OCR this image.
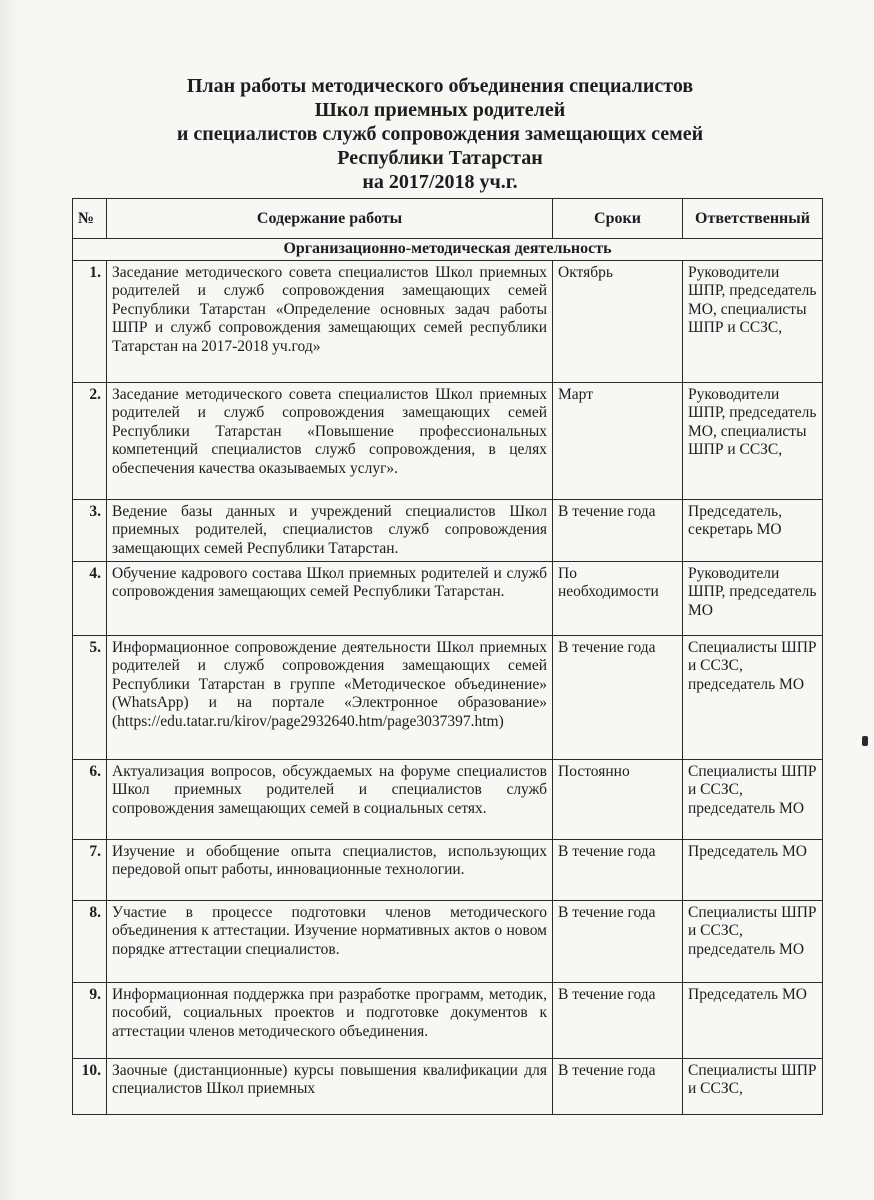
План работы методического объединения специалистов
Школ приемных родителей
и специалистов служб сопровождения замещающих семей
Республики Татарстан
на 2017/2018 уч.г.
№	Содержание работы	Сроки	Ответственный
Организационно-методическая деятельность			
1.	Заседание методического совета специалистов Школ приемных родителей и служб сопровождения замещающих семей Республики Татарстан «Определение основных задач работы ШПР и служб сопровождения замещающих семей республики Татарстан на 2017-2018 уч.год»	Октябрь	Руководители ШПР, председатель МО, специалисты ШПР и ССЗС,
2.	Заседание методического совета специалистов Школ приемных родителей и служб сопровождения замещающих семей Республики Татарстан «Повышение профессиональных компетенций специалистов служб сопровождения, в целях обеспечения качества оказываемых услуг».	Март	Руководители ШПР, председатель МО, специалисты ШПР и ССЗС,
3.	Ведение базы данных и учреждений специалистов Школ приемных родителей, специалистов служб сопровождения замещающих семей Республики Татарстан.	В течение года	Председатель, секретарь МО
4.	Обучение кадрового состава Школ приемных родителей и служб сопровождения замещающих семей Республики Татарстан.	По необходимости	Руководители ШПР, председатель МО
5.	Информационное сопровождение деятельности Школ приемных родителей и служб сопровождения замещающих семей Республики Татарстан в группе «Методическое объединение» (WhatsApp) и на портале «Электронное образование» (https://edu.tatar.ru/kirov/page2932640.htm/page3037397.htm)	В течение года	Специалисты ШПР и ССЗС, председатель МО
6.	Актуализация вопросов, обсуждаемых на форуме специалистов Школ приемных родителей и специалистов служб сопровождения замещающих семей в социальных сетях.	Постоянно	Специалисты ШПР и ССЗС, председатель МО
7.	Изучение и обобщение опыта специалистов, использующих передовой опыт работы, инновационные технологии.	В течение года	Председатель МО
8.	Участие в процессе подготовки членов методического объединения к аттестации. Изучение нормативных актов о новом порядке аттестации специалистов.	В течение года	Специалисты ШПР и ССЗС, председатель МО
9.	Информационная поддержка при разработке программ, методик, пособий, социальных проектов и подготовке документов к аттестации членов методического объединения.	В течение года	Председатель МО
10.	Заочные (дистанционные) курсы повышения квалификации для специалистов Школ приемных	В течение года	Специалисты ШПР и ССЗС,
